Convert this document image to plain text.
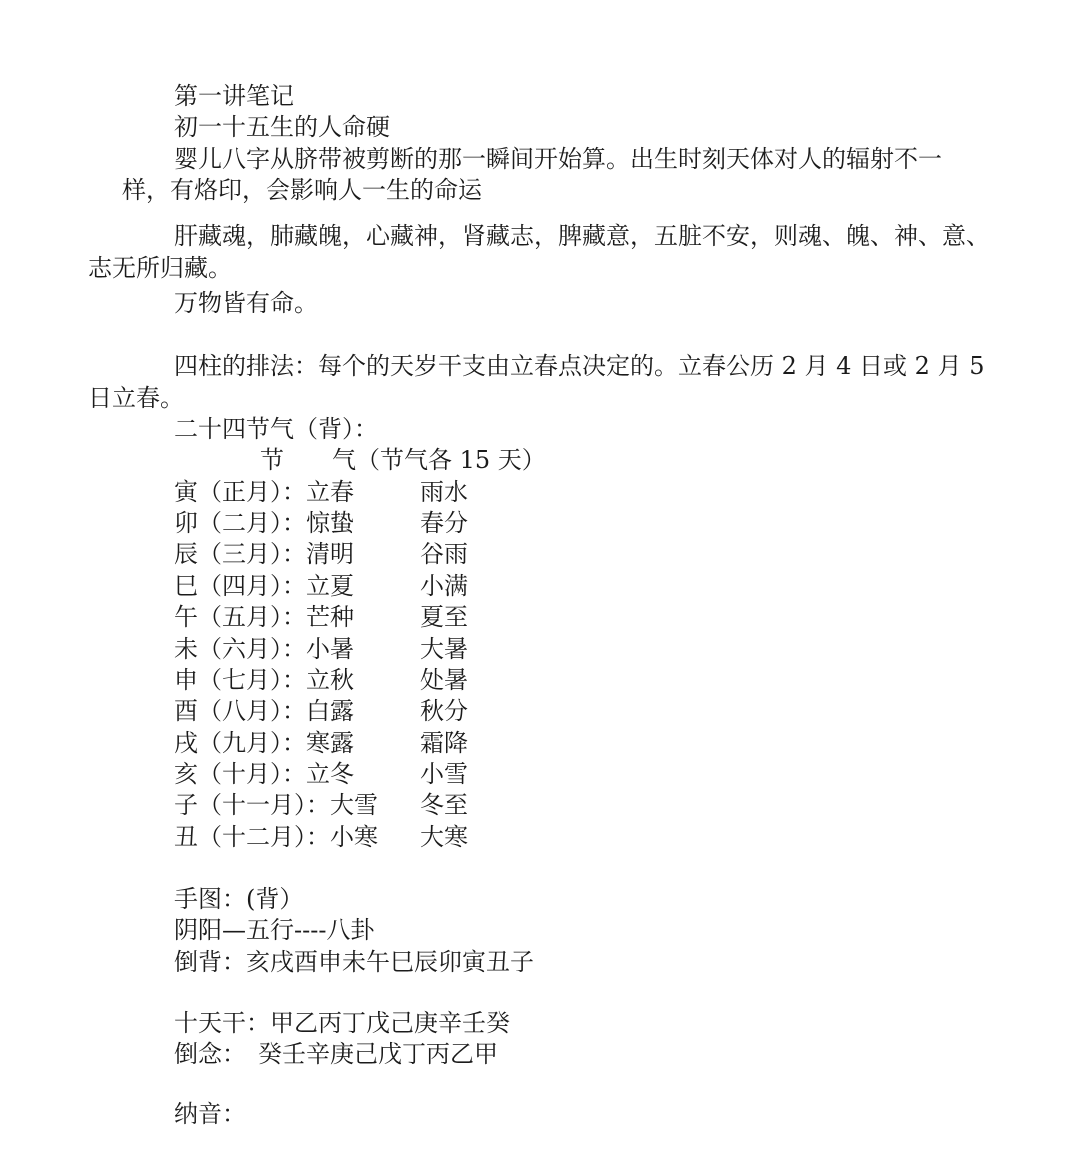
第一讲笔记
初一十五生的人命硬
婴儿八字从脐带被剪断的那一瞬间开始算。出生时刻天体对人的辐射不一
样，有烙印，会影响人一生的命运
肝藏魂，肺藏魄，心藏神，肾藏志，脾藏意，五脏不安，则魂、魄、神、意、
志无所归藏。
万物皆有命。
四柱的排法：每个的天岁干支由立春点决定的。立春公历 2 月 4 日或 2 月 5
日立春。
二十四节气（背）：
节　　气（节气各 15 天）
寅（正月）：立春	雨水
卯（二月）：惊蛰	春分
辰（三月）：清明	谷雨
巳（四月）：立夏	小满
午（五月）：芒种	夏至
未（六月）：小暑	大暑
申（七月）：立秋	处暑
酉（八月）：白露	秋分
戌（九月）：寒露	霜降
亥（十月）：立冬	小雪
子（十一月）：大雪 冬至
丑（十二月）：小寒 大寒
手图：(背）
阴阳—五行----八卦
倒背：亥戌酉申未午巳辰卯寅丑子
十天干：甲乙丙丁戊己庚辛壬癸
倒念：　癸壬辛庚己戊丁丙乙甲
纳音：
